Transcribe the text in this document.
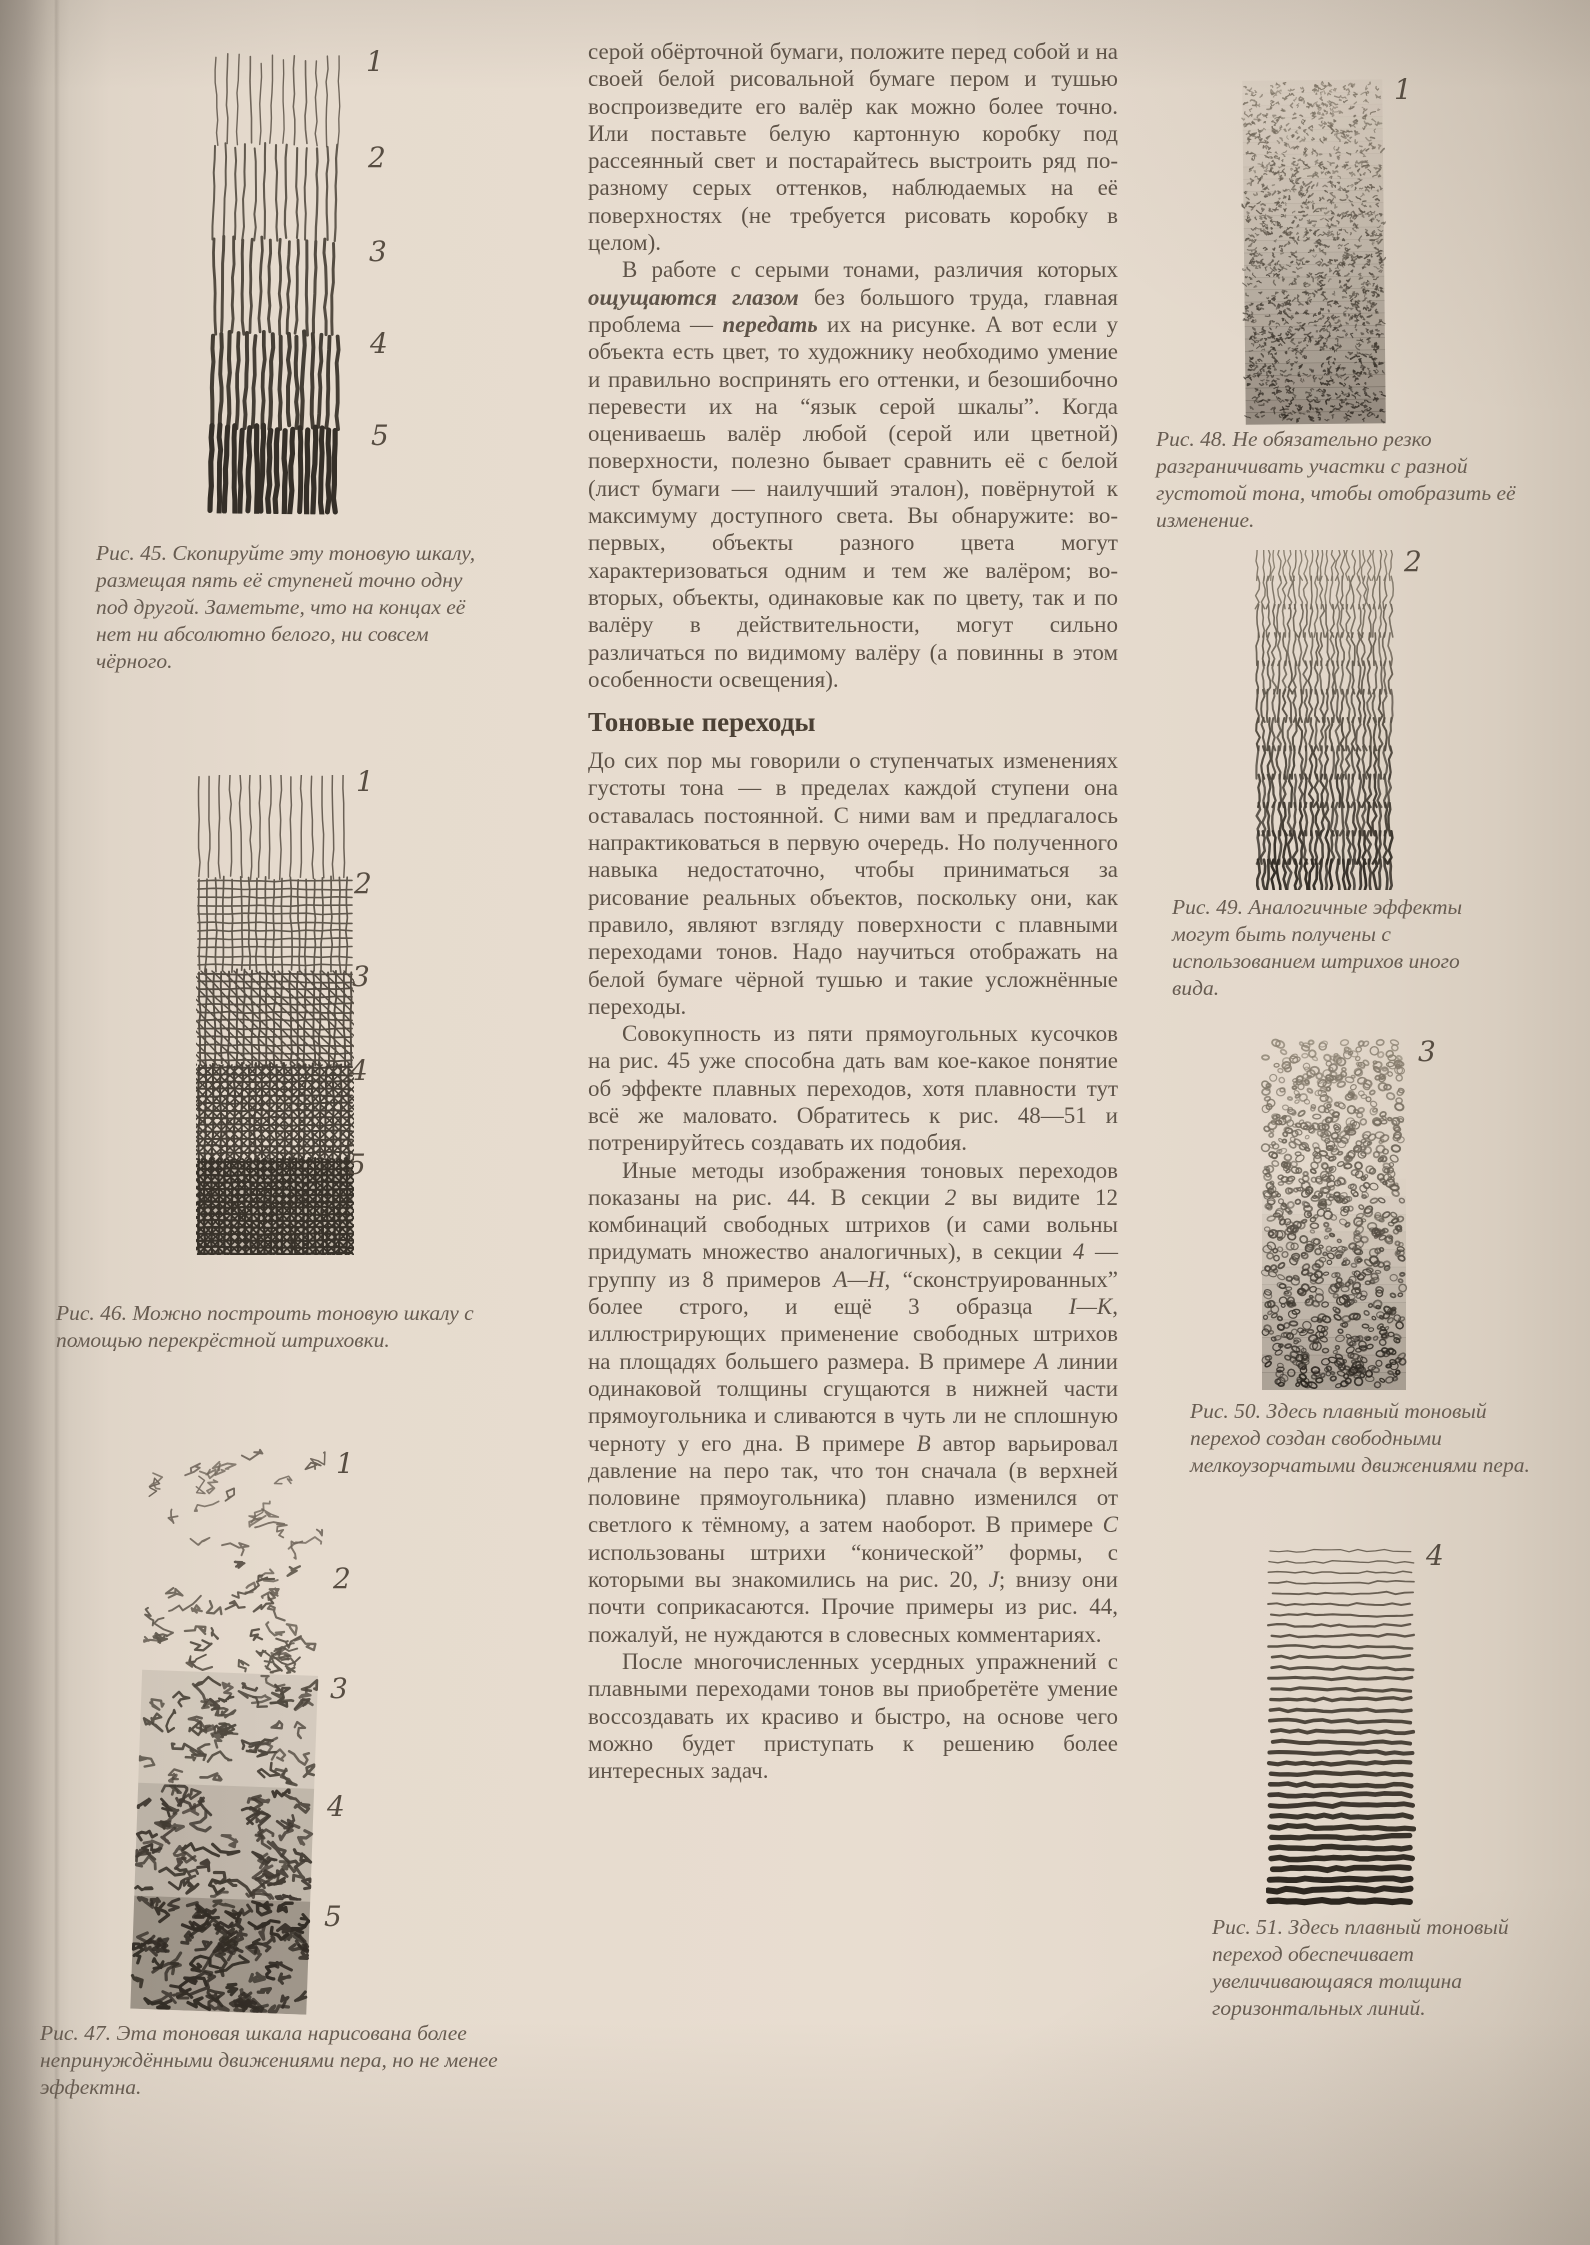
1
2
3
4
5
Рис. 45. Скопируйте эту тоновую шкалу, размещая пять её ступеней точно одну под другой. Заметьте, что на концах её нет ни абсолютно белого, ни совсем чёрного.
1
2
3
4
5
Рис. 46. Можно построить тоновую шкалу с помощью перекрёстной штриховки.
1
2
3
4
5
Рис. 47. Эта тоновая шкала нарисована более непринуждёнными движениями пера, но не менее эффектна.

серой обёрточной бумаги, положите перед собой и на своей белой рисовальной бумаге пером и тушью воспроизведите его валёр как можно более точно. Или поставьте белую картонную коробку под рассеянный свет и постарайтесь выстроить ряд по-разному серых оттенков, наблюдаемых на её поверхностях (не требуется рисовать коробку в целом).

В работе с серыми тонами, различия которых ощущаются глазом без большого труда, главная проблема — передать их на рисунке. А вот если у объекта есть цвет, то художнику необходимо умение и правильно воспринять его оттенки, и безошибочно перевести их на “язык серой шкалы”. Когда оцениваешь валёр любой (серой или цветной) поверхности, полезно бывает сравнить её с белой (лист бумаги — наилучший эталон), повёрнутой к максимуму доступного света. Вы обнаружите: во-первых, объекты разного цвета могут характеризоваться одним и тем же валёром; во-вторых, объекты, одинаковые как по цвету, так и по валёру в действительности, могут сильно различаться по видимому валёру (а повинны в этом особенности освещения).

Тоновые переходы

До сих пор мы говорили о ступенчатых изменениях густоты тона — в пределах каждой ступени она оставалась постоянной. С ними вам и предлагалось напрактиковаться в первую очередь. Но полученного навыка недостаточно, чтобы приниматься за рисование реальных объектов, поскольку они, как правило, являют взгляду поверхности с плавными переходами тонов. Надо научиться отображать на белой бумаге чёрной тушью и такие усложнённые переходы.

Совокупность из пяти прямоугольных кусочков на рис. 45 уже способна дать вам кое-какое понятие об эффекте плавных переходов, хотя плавности тут всё же маловато. Обратитесь к рис. 48—51 и потренируйтесь создавать их подобия.

Иные методы изображения тоновых переходов показаны на рис. 44. В секции 2 вы видите 12 комбинаций свободных штрихов (и сами вольны придумать множество аналогичных), в секции 4 — группу из 8 примеров A—H, “сконструированных” более строго, и ещё 3 образца I—K, иллюстрирующих применение свободных штрихов на площадях большего размера. В примере A линии одинаковой толщины сгущаются в нижней части прямоугольника и сливаются в чуть ли не сплошную черноту у его дна. В примере B автор варьировал давление на перо так, что тон сначала (в верхней половине прямоугольника) плавно изменился от светлого к тёмному, а затем наоборот. В примере C использованы штрихи “конической” формы, с которыми вы знакомились на рис. 20, J; внизу они почти соприкасаются. Прочие примеры из рис. 44, пожалуй, не нуждаются в словесных комментариях.

После многочисленных усердных упражнений с плавными переходами тонов вы приобретёте умение воссоздавать их красиво и быстро, на основе чего можно будет приступать к решению более интересных задач.

1
Рис. 48. Не обязательно резко разграничивать участки с разной густотой тона, чтобы отобразить её изменение.
2
Рис. 49. Аналогичные эффекты могут быть получены с использованием штрихов иного вида.
3
Рис. 50. Здесь плавный тоновый переход создан свободными мелкоузорчатыми движениями пера.
4
Рис. 51. Здесь плавный тоновый переход обеспечивает увеличивающаяся толщина горизонтальных линий.
